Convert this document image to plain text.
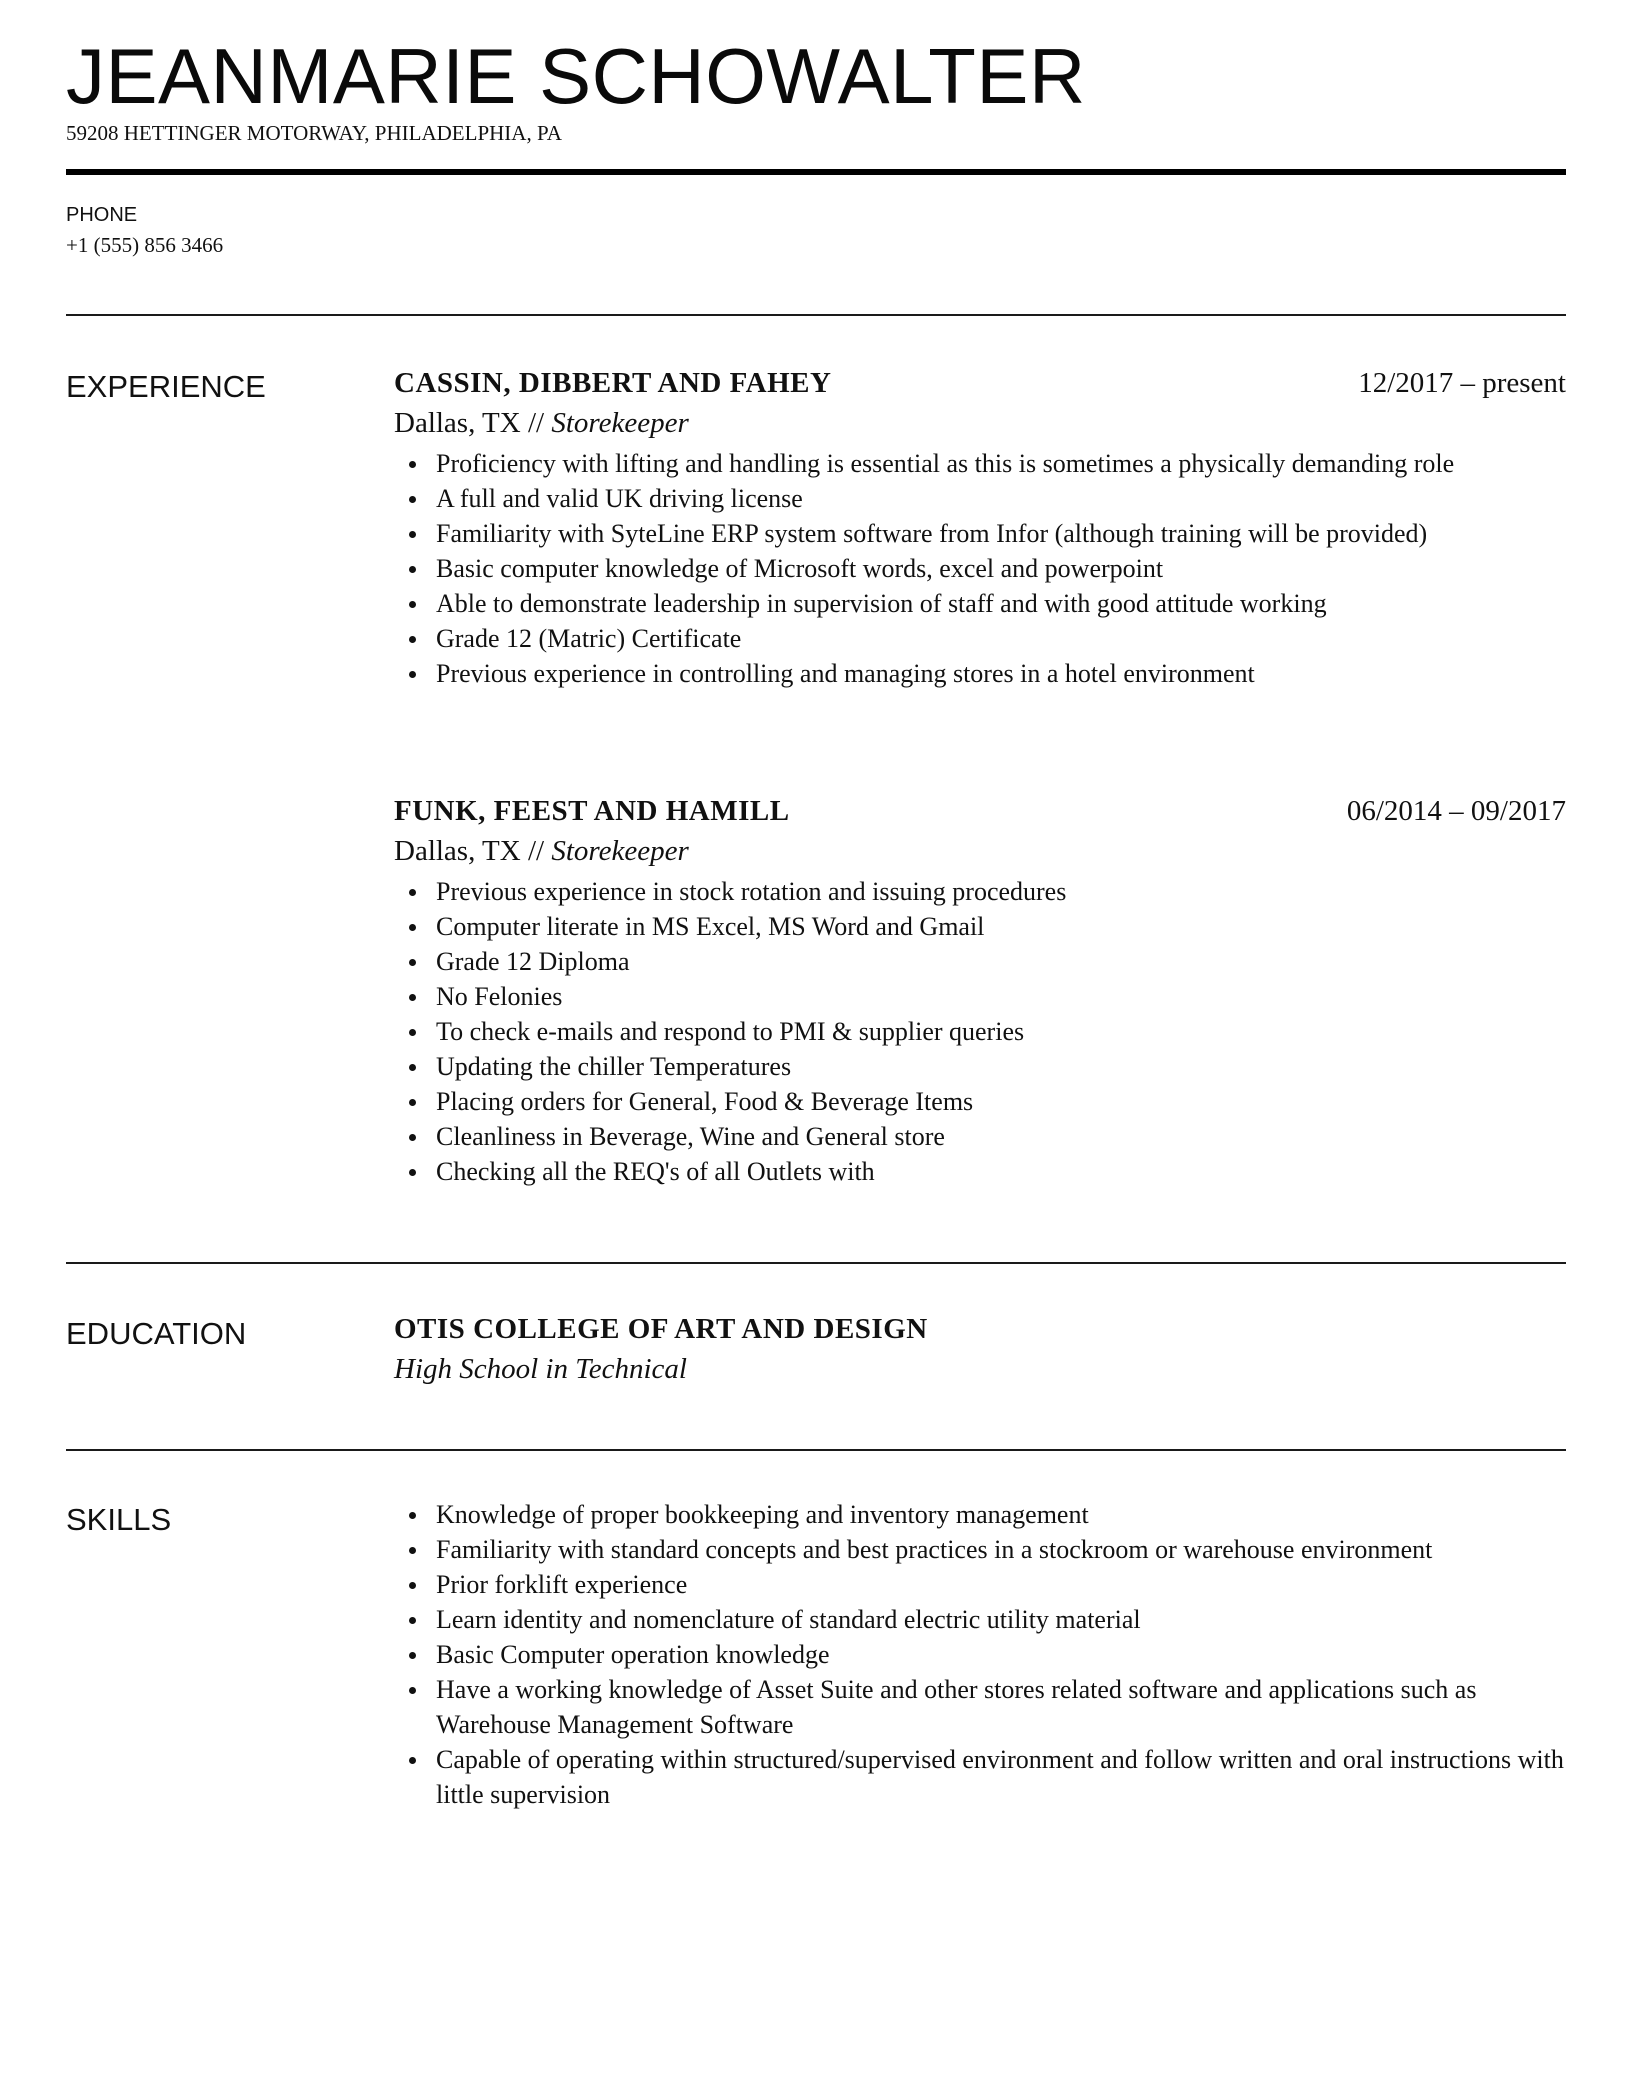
JEANMARIE SCHOWALTER
59208 HETTINGER MOTORWAY, PHILADELPHIA, PA
PHONE
+1 (555) 856 3466
EXPERIENCE	CASSIN, DIBBERT AND FAHEY	12/2017 – present
Dallas, TX // Storekeeper
Proficiency with lifting and handling is essential as this is sometimes a physically demanding role
A full and valid UK driving license
Familiarity with SyteLine ERP system software from Infor (although training will be provided)
Basic computer knowledge of Microsoft words, excel and powerpoint
Able to demonstrate leadership in supervision of staff and with good attitude working
Grade 12 (Matric) Certificate
Previous experience in controlling and managing stores in a hotel environment
FUNK, FEEST AND HAMILL	06/2014 – 09/2017
Dallas, TX // Storekeeper
Previous experience in stock rotation and issuing procedures
Computer literate in MS Excel, MS Word and Gmail
Grade 12 Diploma
No Felonies
To check e-mails and respond to PMI & supplier queries
Updating the chiller Temperatures
Placing orders for General, Food & Beverage Items
Cleanliness in Beverage, Wine and General store
Checking all the REQ's of all Outlets with
EDUCATION	OTIS COLLEGE OF ART AND DESIGN
High School in Technical
SKILLS	Knowledge of proper bookkeeping and inventory management
Familiarity with standard concepts and best practices in a stockroom or warehouse environment
Prior forklift experience
Learn identity and nomenclature of standard electric utility material
Basic Computer operation knowledge
Have a working knowledge of Asset Suite and other stores related software and applications such as Warehouse Management Software
Capable of operating within structured/supervised environment and follow written and oral instructions with little supervision
